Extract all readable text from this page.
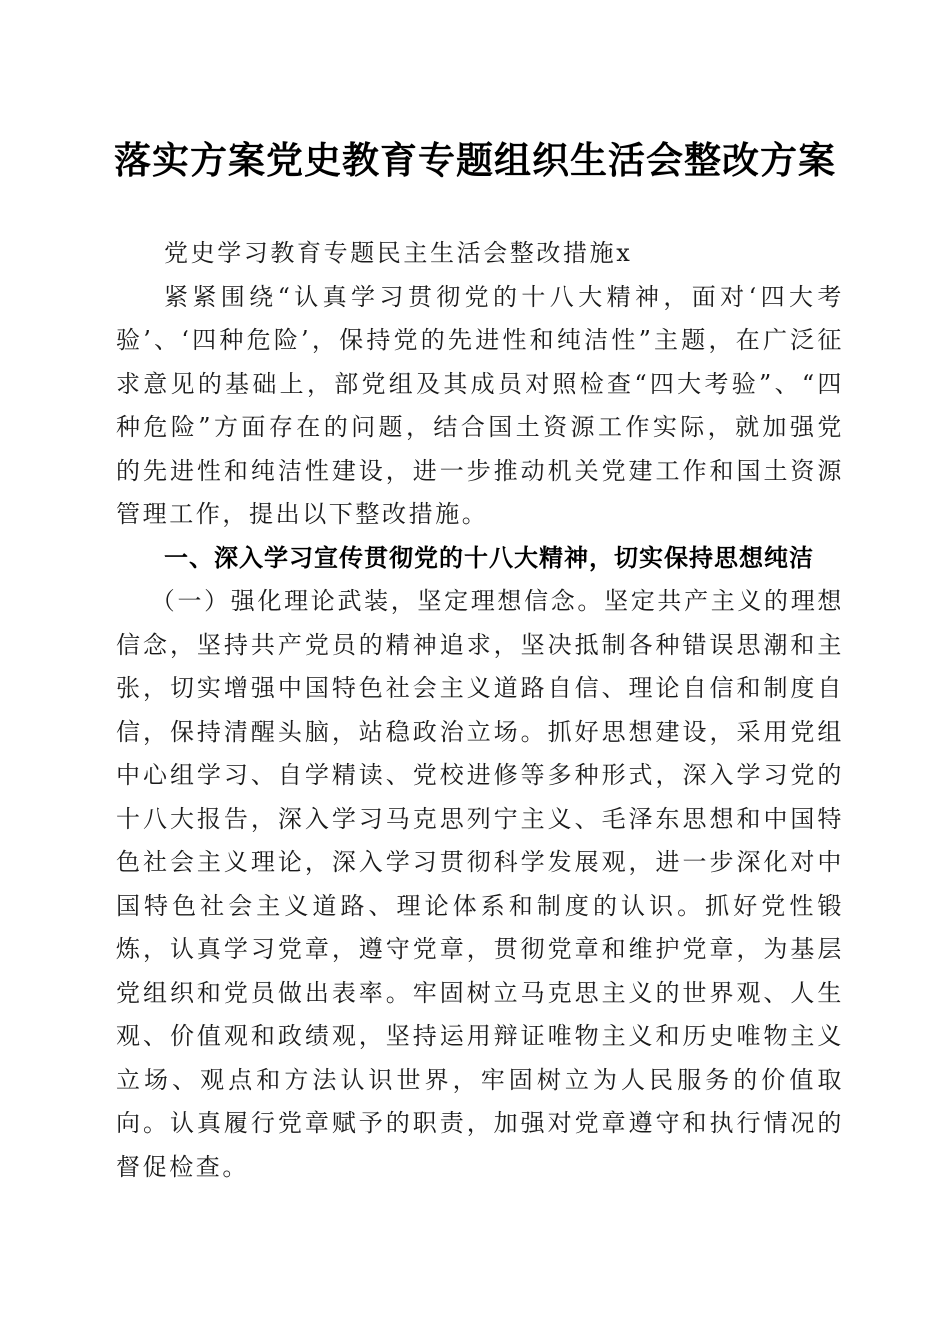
落实方案党史教育专题组织生活会整改方案

党史学习教育专题民主生活会整改措施x

紧紧围绕“认真学习贯彻党的十八大精神，面对‘四大考验’、‘四种危险’，保持党的先进性和纯洁性”主题，在广泛征求意见的基础上，部党组及其成员对照检查“四大考验”、“四种危险”方面存在的问题，结合国土资源工作实际，就加强党的先进性和纯洁性建设，进一步推动机关党建工作和国土资源管理工作，提出以下整改措施。

一、深入学习宣传贯彻党的十八大精神，切实保持思想纯洁

（一）强化理论武装，坚定理想信念。坚定共产主义的理想信念，坚持共产党员的精神追求，坚决抵制各种错误思潮和主张，切实增强中国特色社会主义道路自信、理论自信和制度自信，保持清醒头脑，站稳政治立场。抓好思想建设，采用党组中心组学习、自学精读、党校进修等多种形式，深入学习党的十八大报告，深入学习马克思列宁主义、毛泽东思想和中国特色社会主义理论，深入学习贯彻科学发展观，进一步深化对中国特色社会主义道路、理论体系和制度的认识。抓好党性锻炼，认真学习党章，遵守党章，贯彻党章和维护党章，为基层党组织和党员做出表率。牢固树立马克思主义的世界观、人生观、价值观和政绩观，坚持运用辩证唯物主义和历史唯物主义立场、观点和方法认识世界，牢固树立为人民服务的价值取向。认真履行党章赋予的职责，加强对党章遵守和执行情况的督促检查。
